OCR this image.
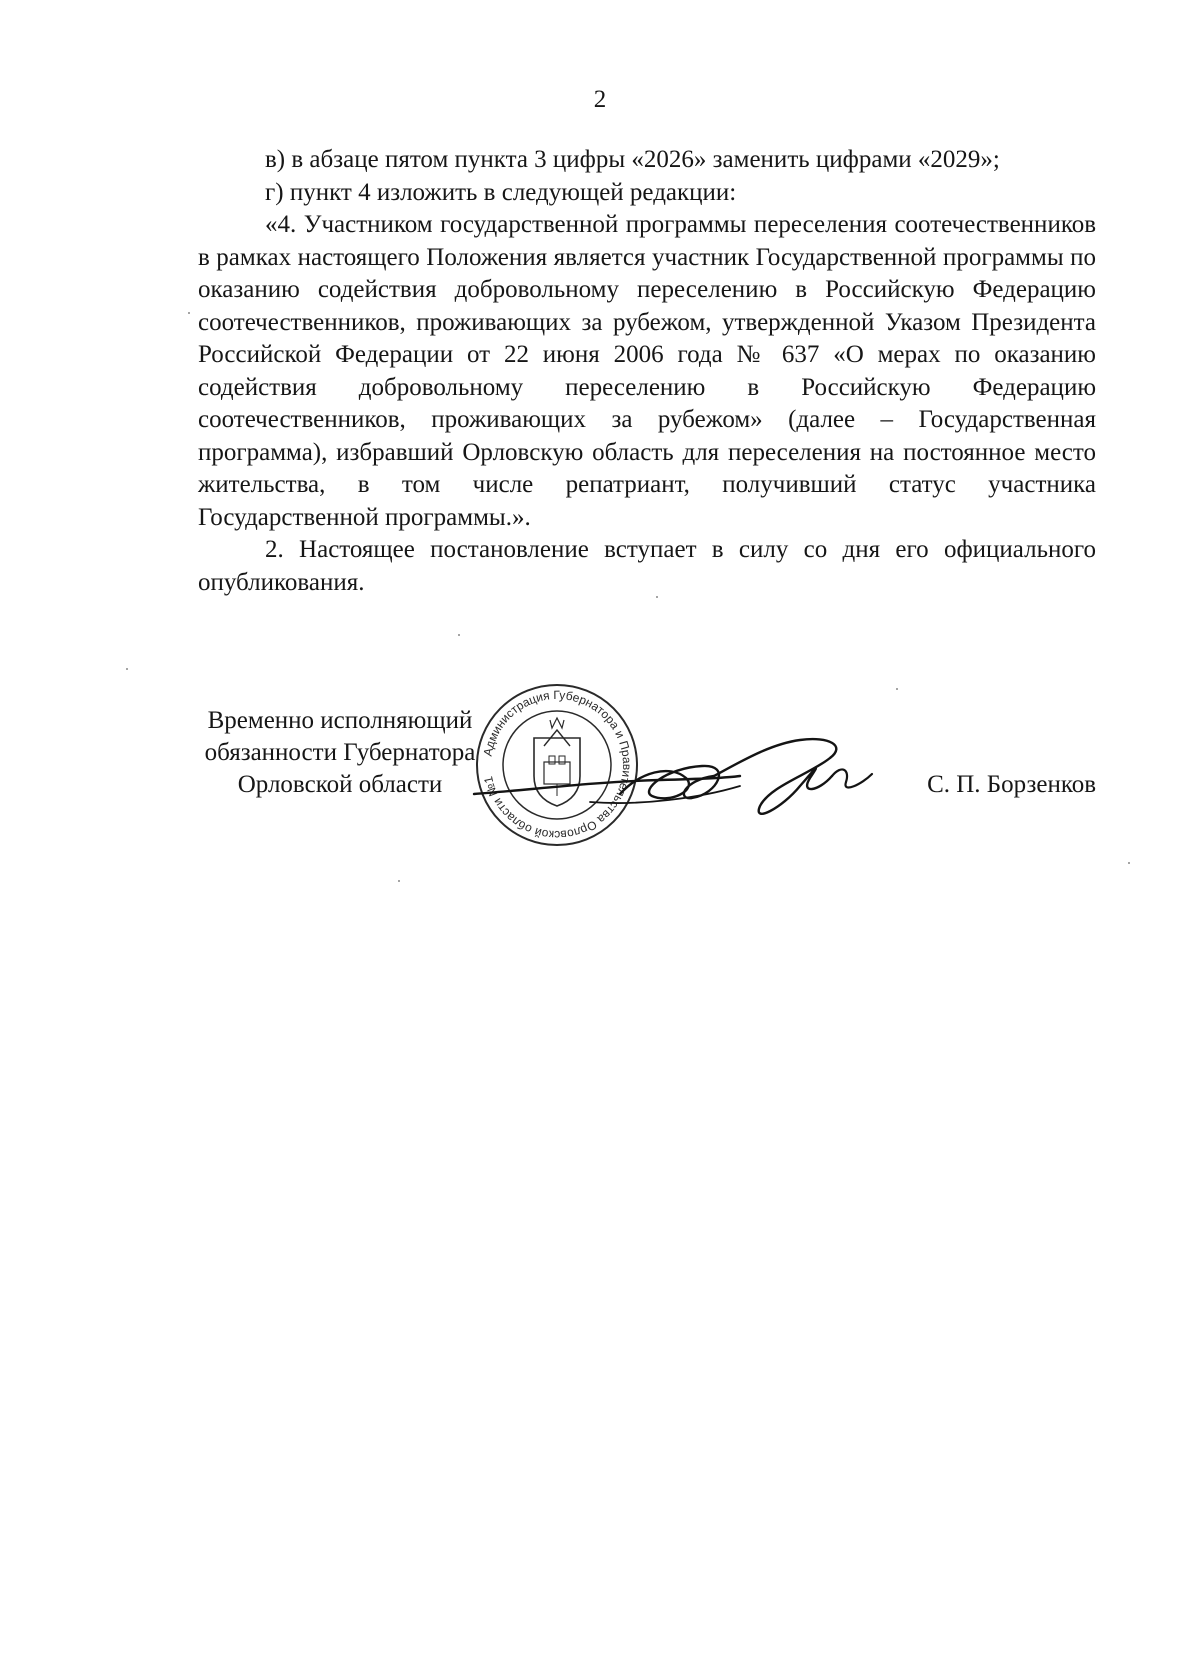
2

в) в абзаце пятом пункта 3 цифры «2026» заменить цифрами «2029»;

г) пункт 4 изложить в следующей редакции:

«4. Участником государственной программы переселения соотечественников в рамках настоящего Положения является участник Государственной программы по оказанию содействия добровольному переселению в Российскую Федерацию соотечественников, проживающих за рубежом, утвержденной Указом Президента Российской Федерации от 22 июня 2006 года № 637 «О мерах по оказанию содействия добровольному переселению в Российскую Федерацию соотечественников, проживающих за рубежом» (далее – Государственная программа), избравший Орловскую область для переселения на постоянное место жительства, в том числе репатриант, получивший статус участника Государственной программы.».

2. Настоящее постановление вступает в силу со дня его официального опубликования.

Временно исполняющий
обязанности Губернатора
Орловской области
Администрация Губернатора и Правительства Орловской области №1	С. П. Борзенков
